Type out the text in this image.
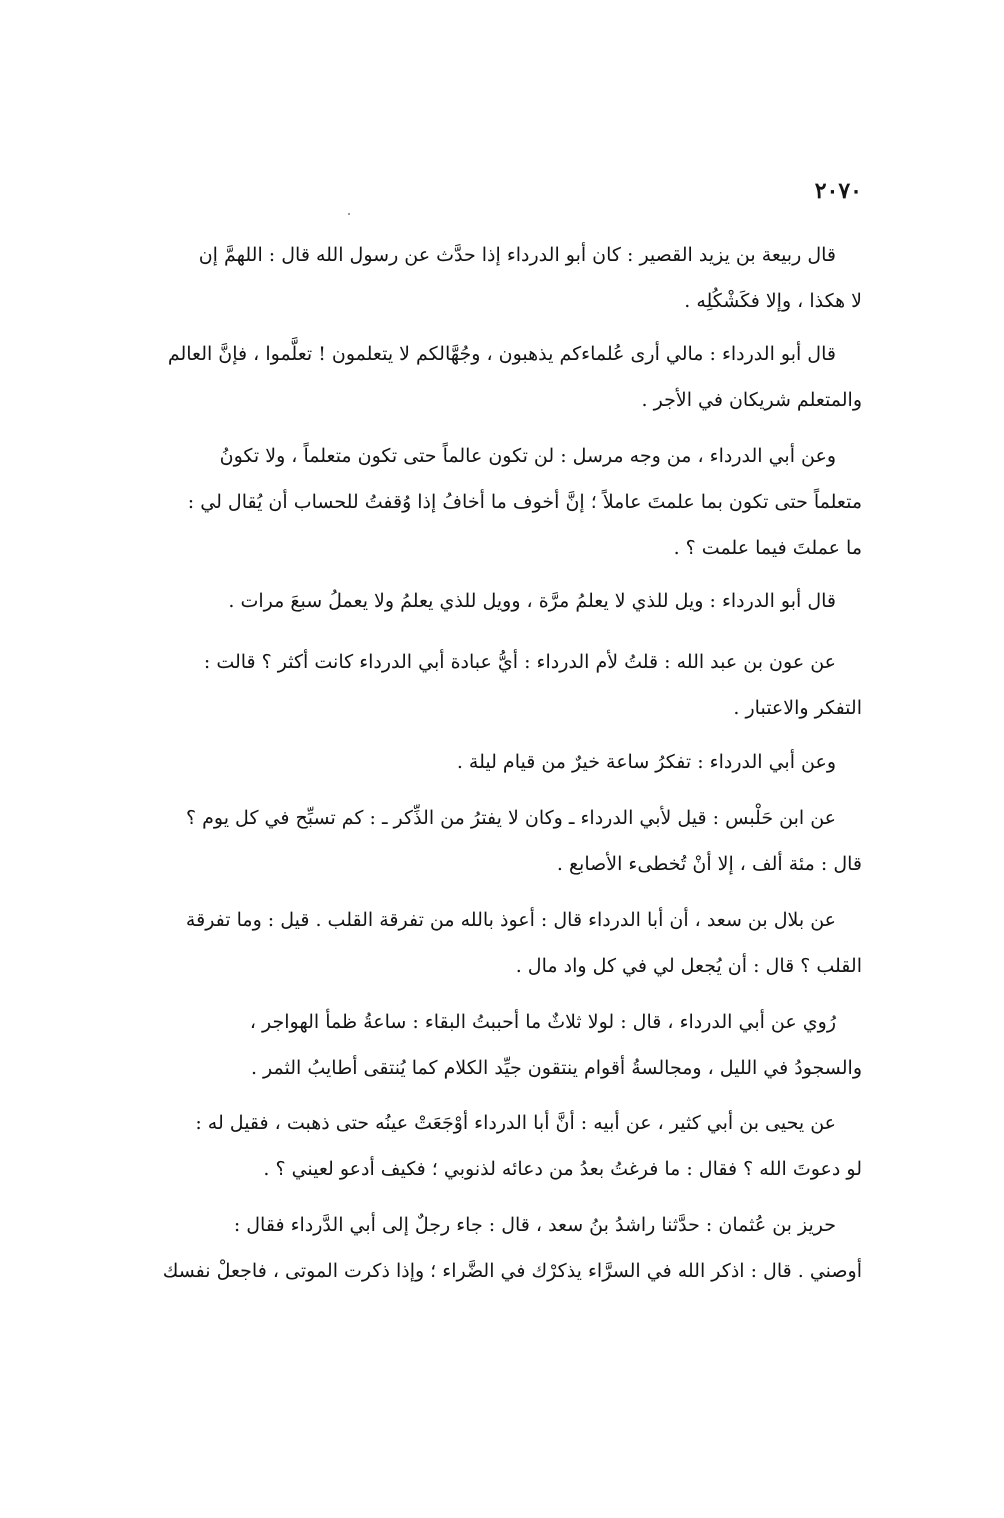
٢٠٧٠
قال ربيعة بن يزيد القصير : كان أبو الدرداء إذا حدَّث عن رسول الله قال : اللهمَّ إن
لا هكذا ، وإلا فكَشْكُلِه .
قال أبو الدرداء : مالي أرى عُلماءكم يذهبون ، وجُهَّالكم لا يتعلمون ! تعلَّموا ، فإنَّ العالم
والمتعلم شريكان في الأجر .
وعن أبي الدرداء ، من وجه مرسل : لن تكون عالماً حتى تكون متعلماً ، ولا تكونُ
متعلماً حتى تكون بما علمتَ عاملاً ؛ إنَّ أخوف ما أخافُ إذا وُقفتُ للحساب أن يُقال لي :
ما عملتَ فيما علمت ؟ .
قال أبو الدرداء : ويل للذي لا يعلمُ مرَّة ، وويل للذي يعلمُ ولا يعملُ سبعَ مرات .
عن عون بن عبد الله : قلتُ لأم الدرداء : أيُّ عبادة أبي الدرداء كانت أكثر ؟ قالت :
التفكر والاعتبار .
وعن أبي الدرداء : تفكرُ ساعة خيرٌ من قيام ليلة .
عن ابن حَلْبس : قيل لأبي الدرداء ـ وكان لا يفترُ من الذِّكر ـ : كم تسبِّح في كل يوم ؟
قال : مئة ألف ، إلا أنْ تُخطىء الأصابع .
عن بلال بن سعد ، أن أبا الدرداء قال : أعوذ بالله من تفرقة القلب . قيل : وما تفرقة
القلب ؟ قال : أن يُجعل لي في كل واد مال .
رُوي عن أبي الدرداء ، قال : لولا ثلاثٌ ما أحببتُ البقاء : ساعةُ ظمأ الهواجر ،
والسجودُ في الليل ، ومجالسةُ أقوام ينتقون جيِّد الكلام كما يُنتقى أطايبُ الثمر .
عن يحيى بن أبي كثير ، عن أبيه : أنَّ أبا الدرداء أوْجَعَتْ عينُه حتى ذهبت ، فقيل له :
لو دعوتَ الله ؟ فقال : ما فرغتُ بعدُ من دعائه لذنوبي ؛ فكيف أدعو لعيني ؟ .
حريز بن عُثمان : حدَّثنا راشدُ بنُ سعد ، قال : جاء رجلٌ إلى أبي الدَّرداء فقال :
أوصني . قال : اذكر الله في السرَّاء يذكرْك في الضَّراء ؛ وإذا ذكرت الموتى ، فاجعلْ نفسك
